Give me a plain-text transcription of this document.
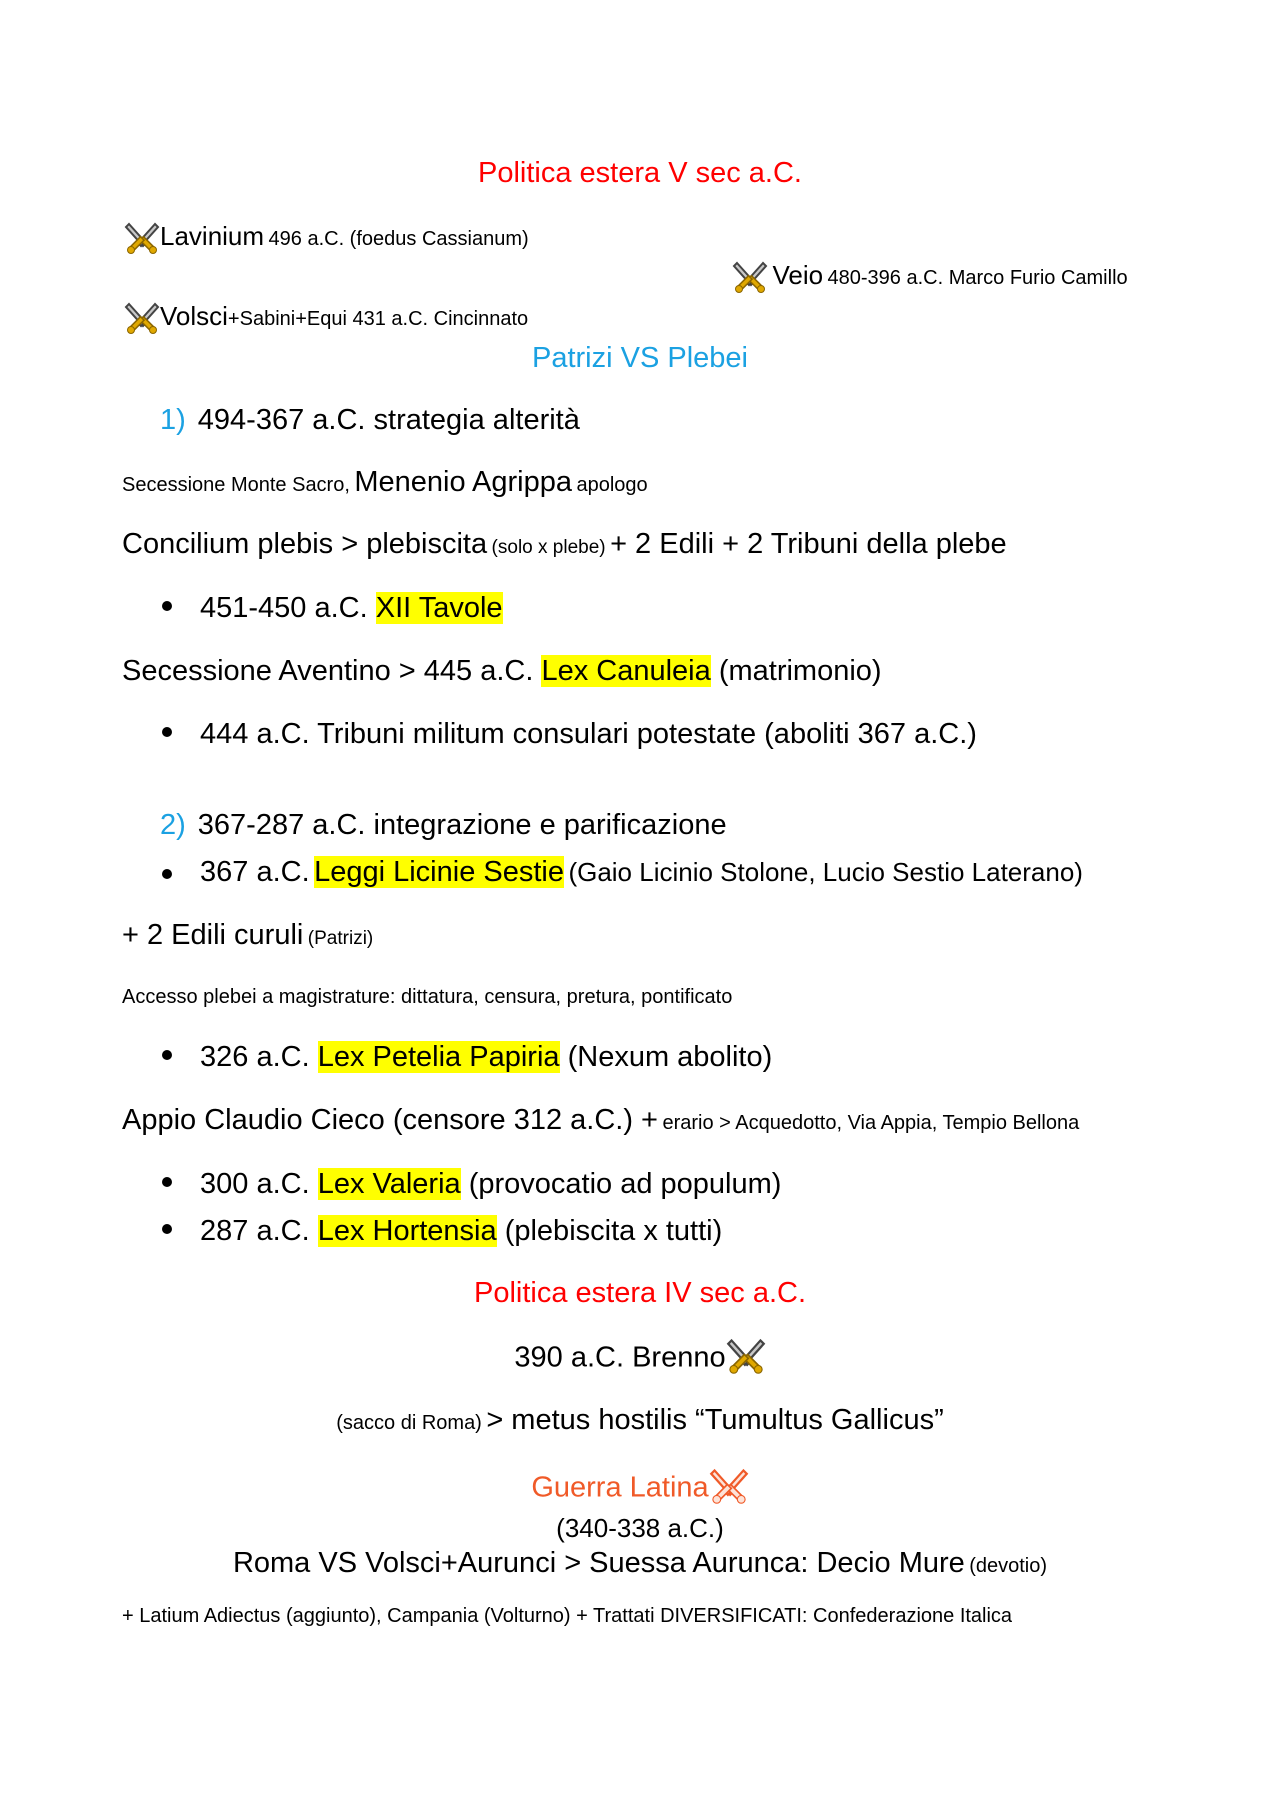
Politica estera V sec a.C.
Lavinium 496 a.C. (foedus Cassianum)
Veio 480-396 a.C. Marco Furio Camillo
Volsci+Sabini+Equi 431 a.C. Cincinnato
Patrizi VS Plebei
1) 494-367 a.C. strategia alterità
Secessione Monte Sacro, Menenio Agrippa apologo
Concilium plebis > plebiscita (solo x plebe) + 2 Edili + 2 Tribuni della plebe
451-450 a.C. XII Tavole
Secessione Aventino > 445 a.C. Lex Canuleia (matrimonio)
444 a.C. Tribuni militum consulari potestate (aboliti 367 a.C.)
2) 367-287 a.C. integrazione e parificazione
367 a.C. Leggi Licinie Sestie (Gaio Licinio Stolone, Lucio Sestio Laterano)
+ 2 Edili curuli (Patrizi)
Accesso plebei a magistrature: dittatura, censura, pretura, pontificato
326 a.C. Lex Petelia Papiria (Nexum abolito)
Appio Claudio Cieco (censore 312 a.C.) + erario > Acquedotto, Via Appia, Tempio Bellona
300 a.C. Lex Valeria (provocatio ad populum)
287 a.C. Lex Hortensia (plebiscita x tutti)
Politica estera IV sec a.C.
390 a.C. Brenno
(sacco di Roma) > metus hostilis “Tumultus Gallicus”
Guerra Latina
(340-338 a.C.)
Roma VS Volsci+Aurunci > Suessa Aurunca: Decio Mure (devotio)
+ Latium Adiectus (aggiunto), Campania (Volturno) + Trattati DIVERSIFICATI: Confederazione Italica
